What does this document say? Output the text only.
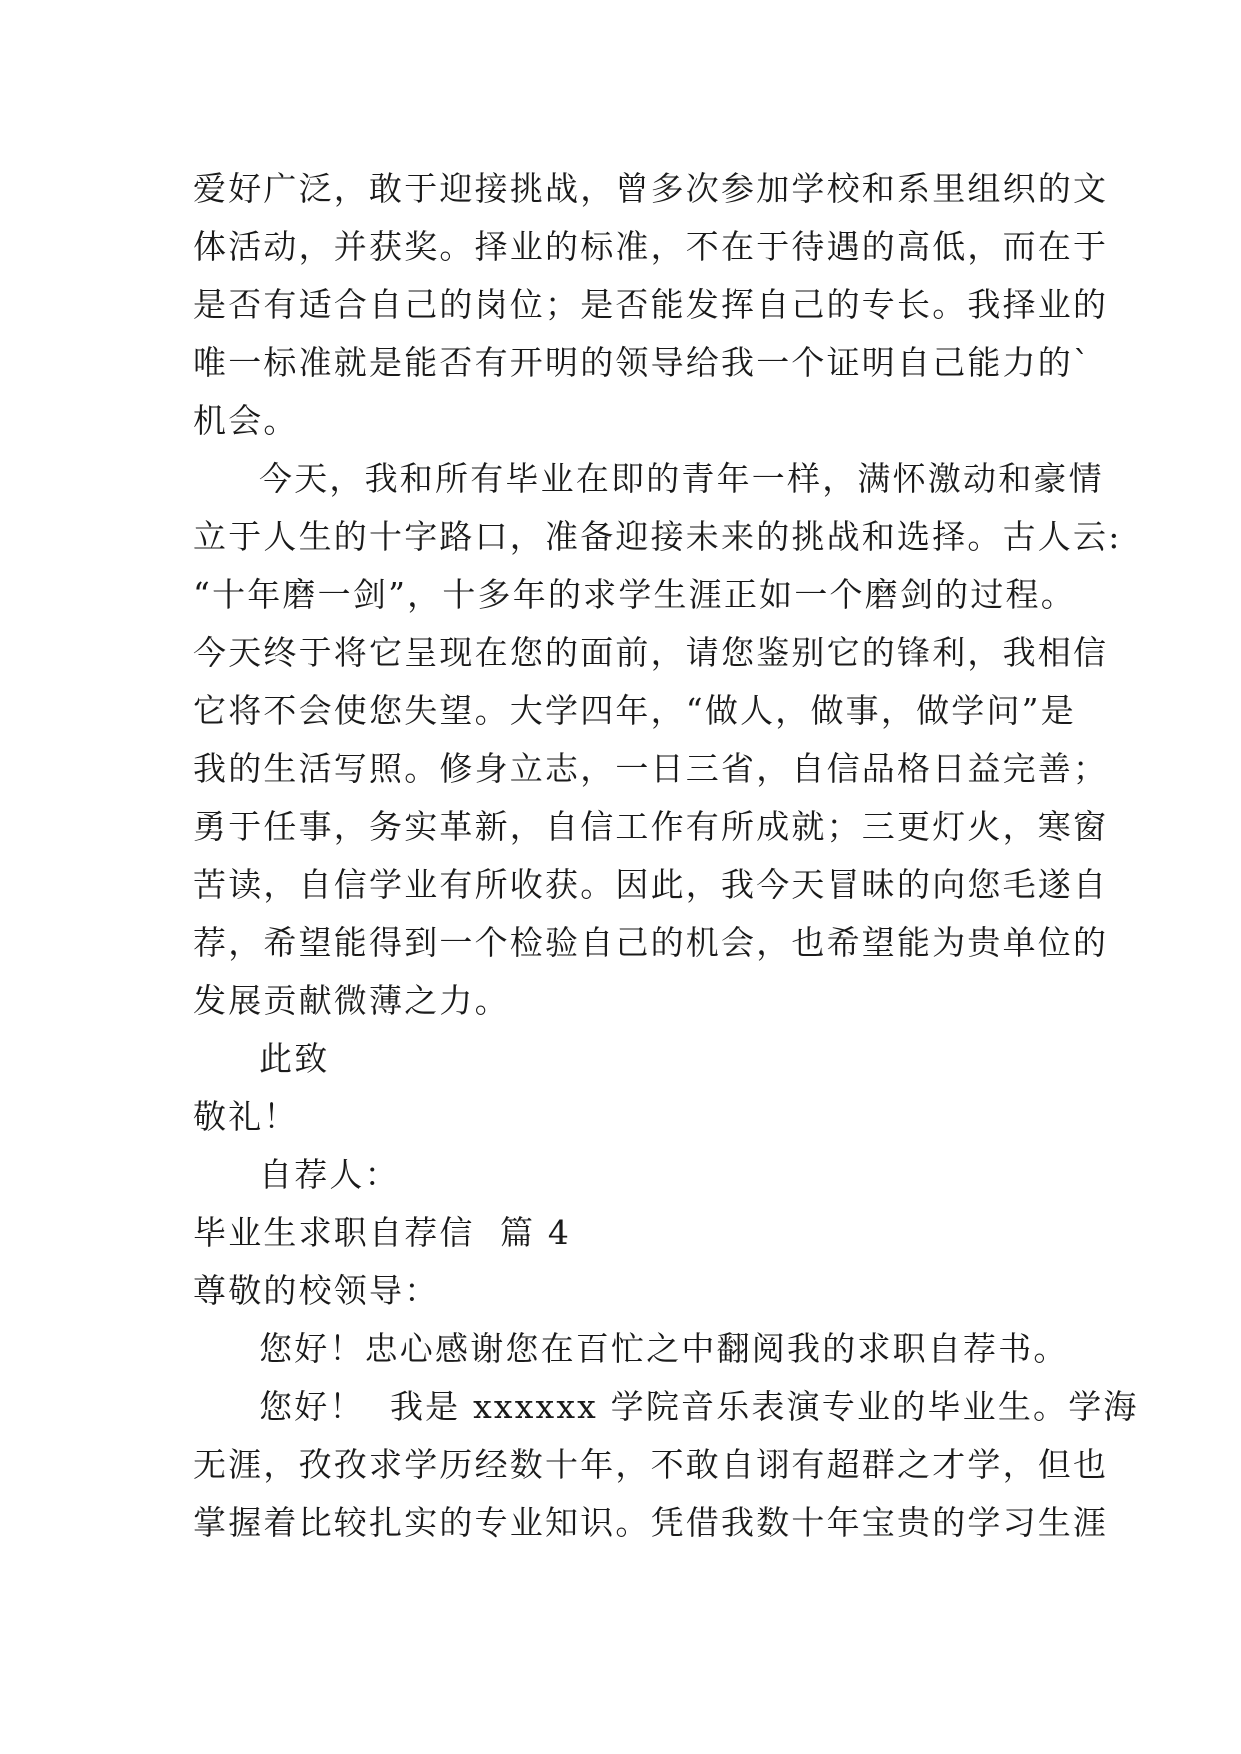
爱好广泛，敢于迎接挑战，曾多次参加学校和系里组织的文
体活动，并获奖。择业的标准，不在于待遇的高低，而在于
是否有适合自己的岗位；是否能发挥自己的专长。我择业的
唯一标准就是能否有开明的领导给我一个证明自己能力的`
机会。

今天，我和所有毕业在即的青年一样，满怀激动和豪情
立于人生的十字路口，准备迎接未来的挑战和选择。古人云:
“十年磨一剑”，十多年的求学生涯正如一个磨剑的过程。
今天终于将它呈现在您的面前，请您鉴别它的锋利，我相信
它将不会使您失望。大学四年，“做人，做事，做学问”是
我的生活写照。修身立志，一日三省，自信品格日益完善；
勇于任事，务实革新，自信工作有所成就；三更灯火，寒窗
苦读，自信学业有所收获。因此，我今天冒昧的向您毛遂自
荐，希望能得到一个检验自己的机会，也希望能为贵单位的
发展贡献微薄之力。

此致

敬礼！

自荐人：

毕业生求职自荐信  篇 4

尊敬的校领导：

您好！忠心感谢您在百忙之中翻阅我的求职自荐书。

您好！  我是 xxxxxx 学院音乐表演专业的毕业生。学海
无涯，孜孜求学历经数十年，不敢自诩有超群之才学，但也
掌握着比较扎实的专业知识。凭借我数十年宝贵的学习生涯
